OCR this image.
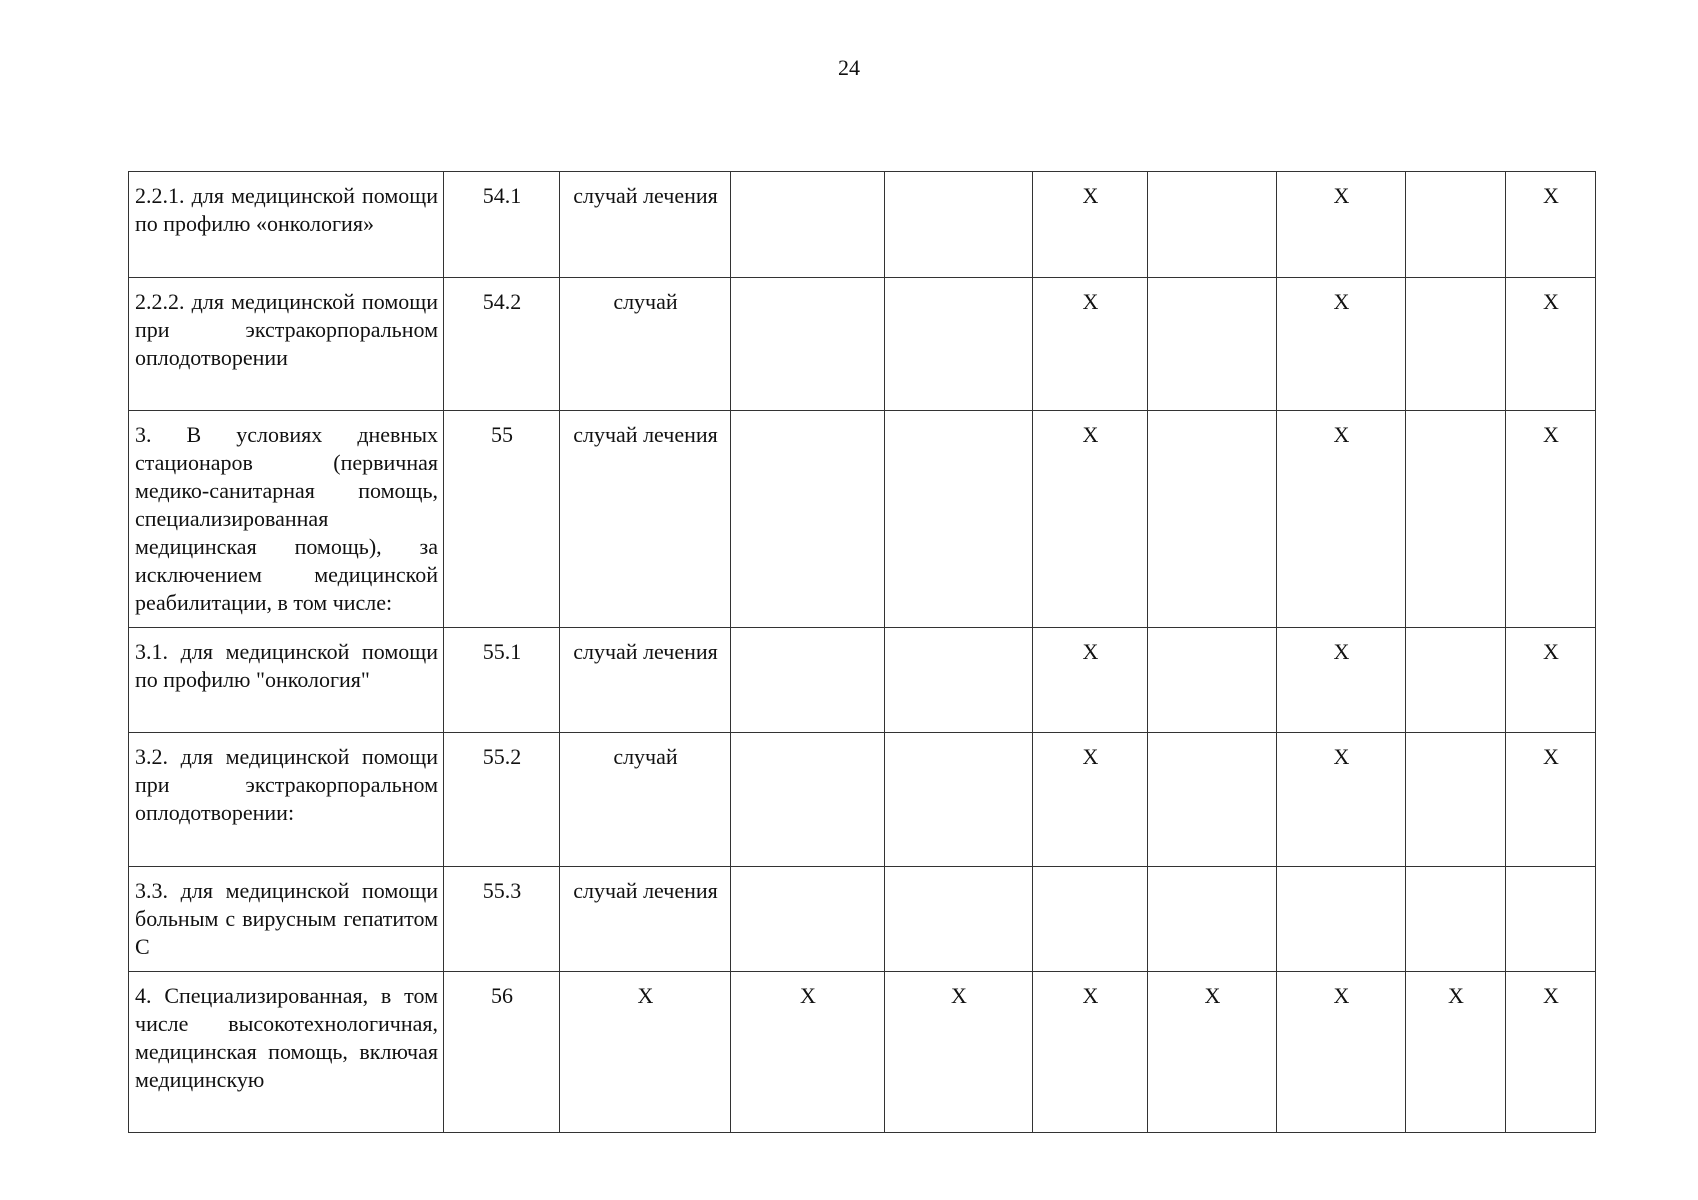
24
2.2.1. для медицинской помощи по профилю «онкология»	54.1	случай лечения			X		X		X
2.2.2. для медицинской помощи при экстракорпоральном оплодотворении	54.2	случай			X		X		X
3. В условиях дневных стационаров (первичная медико-санитарная помощь, специализированная медицинская помощь), за исключением медицинской реабилитации, в том числе:	55	случай лечения			X		X		X
3.1. для медицинской помощи по профилю "онкология"	55.1	случай лечения			X		X		X
3.2. для медицинской помощи при экстракорпоральном оплодотворении:	55.2	случай			X		X		X
3.3. для медицинской помощи больным с вирусным гепатитом С	55.3	случай лечения							
4. Специализированная, в том числе высокотехнологичная, медицинская помощь, включая медицинскую	56	X	X	X	X	X	X	X	X
